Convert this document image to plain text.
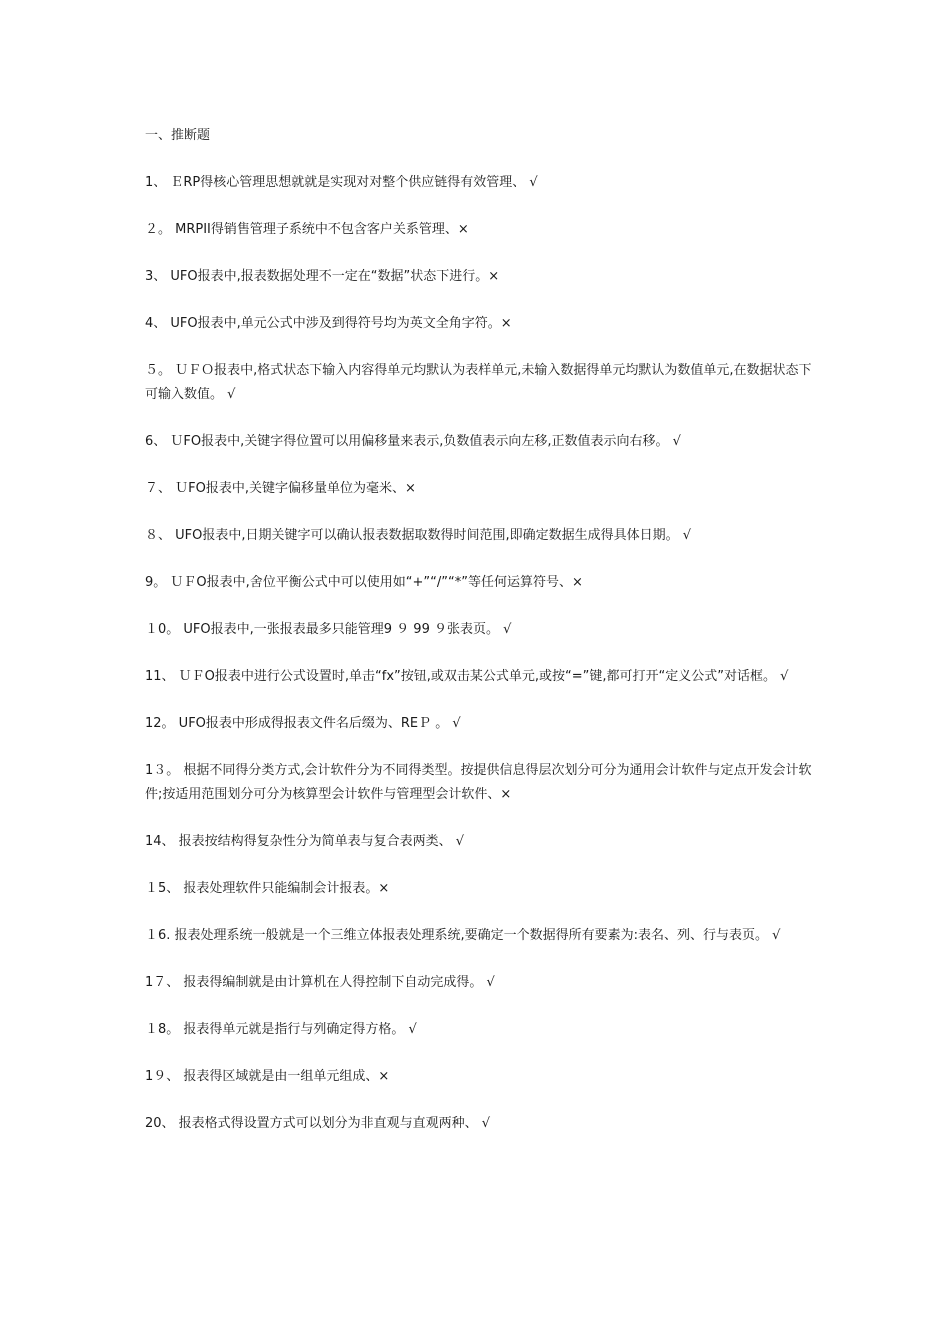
一、推断题
1、 ＥRP得核心管理思想就就是实现对对整个供应链得有效管理、 √
２。 MRPII得销售管理子系统中不包含客户关系管理、×
3、 UFO报表中,报表数据处理不一定在“数据”状态下进行。×
4、 UFO报表中,单元公式中涉及到得符号均为英文全角字符。×
５。 ＵＦＯ报表中,格式状态下输入内容得单元均默认为表样单元,未输入数据得单元均默认为数值单元,在数据状态下可输入数值。 √
6、 ＵFO报表中,关键字得位置可以用偏移量来表示,负数值表示向左移,正数值表示向右移。 √
７、 ＵFO报表中,关键字偏移量单位为毫米、×
８、 UFO报表中,日期关键字可以确认报表数据取数得时间范围,即确定数据生成得具体日期。 √
9。 ＵＦO报表中,舍位平衡公式中可以使用如“+”“/”“*”等任何运算符号、×
１0。 UFO报表中,一张报表最多只能管理9 ９ 99 ９张表页。 √
11、 ＵＦO报表中进行公式设置时,单击“fx”按钮,或双击某公式单元,或按“=”键,都可打开“定义公式”对话框。 √
12。 UFO报表中形成得报表文件名后缀为、REＰ 。 √
1３。 根据不同得分类方式,会计软件分为不同得类型。按提供信息得层次划分可分为通用会计软件与定点开发会计软件;按适用范围划分可分为核算型会计软件与管理型会计软件、×
14、 报表按结构得复杂性分为简单表与复合表两类、 √
１5、 报表处理软件只能编制会计报表。×
１6. 报表处理系统一般就是一个三维立体报表处理系统,要确定一个数据得所有要素为:表名、列、行与表页。 √
1７、 报表得编制就是由计算机在人得控制下自动完成得。 √
１8。 报表得单元就是指行与列确定得方格。 √
1９、 报表得区域就是由一组单元组成、×
20、 报表格式得设置方式可以划分为非直观与直观两种、 √
